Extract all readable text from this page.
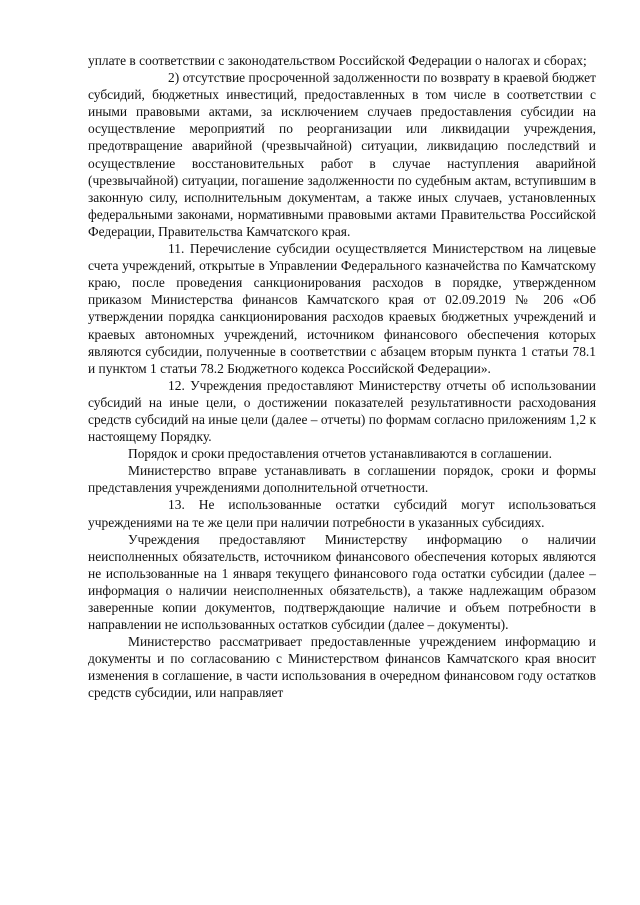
уплате в соответствии с законодательством Российской Федерации о налогах и сборах;

2) отсутствие просроченной задолженности по возврату в краевой бюджет субсидий, бюджетных инвестиций, предоставленных в том числе в соответствии с иными правовыми актами, за исключением случаев предоставления субсидии на осуществление мероприятий по реорганизации или ликвидации учреждения, предотвращение аварийной (чрезвычайной) ситуации, ликвидацию последствий и осуществление восстановительных работ в случае наступления аварийной (чрезвычайной) ситуации, погашение задолженности по судебным актам, вступившим в законную силу, исполнительным документам, а также иных случаев, установленных федеральными законами, нормативными правовыми актами Правительства Российской Федерации, Правительства Камчатского края.

11. Перечисление субсидии осуществляется Министерством на лицевые счета учреждений, открытые в Управлении Федерального казначейства по Камчатскому краю, после проведения санкционирования расходов в порядке, утвержденном приказом Министерства финансов Камчатского края от 02.09.2019 № 206 «Об утверждении порядка санкционирования расходов краевых бюджетных учреждений и краевых автономных учреждений, источником финансового обеспечения которых являются субсидии, полученные в соответствии с абзацем вторым пункта 1 статьи 78.1 и пунктом 1 статьи 78.2 Бюджетного кодекса Российской Федерации».

12. Учреждения предоставляют Министерству отчеты об использовании субсидий на иные цели, о достижении показателей результативности расходования средств субсидий на иные цели (далее – отчеты) по формам согласно приложениям 1,2 к настоящему Порядку.

Порядок и сроки предоставления отчетов устанавливаются в соглашении.

Министерство вправе устанавливать в соглашении порядок, сроки и формы представления учреждениями дополнительной отчетности.

13. Не использованные остатки субсидий могут использоваться учреждениями на те же цели при наличии потребности в указанных субсидиях.

Учреждения предоставляют Министерству информацию о наличии неисполненных обязательств, источником финансового обеспечения которых являются не использованные на 1 января текущего финансового года остатки субсидии (далее – информация о наличии неисполненных обязательств), а также надлежащим образом заверенные копии документов, подтверждающие наличие и объем потребности в направлении не использованных остатков субсидии (далее – документы).

Министерство рассматривает предоставленные учреждением информацию и документы и по согласованию с Министерством финансов Камчатского края вносит изменения в соглашение, в части использования в очередном финансовом году остатков средств субсидии, или направляет
